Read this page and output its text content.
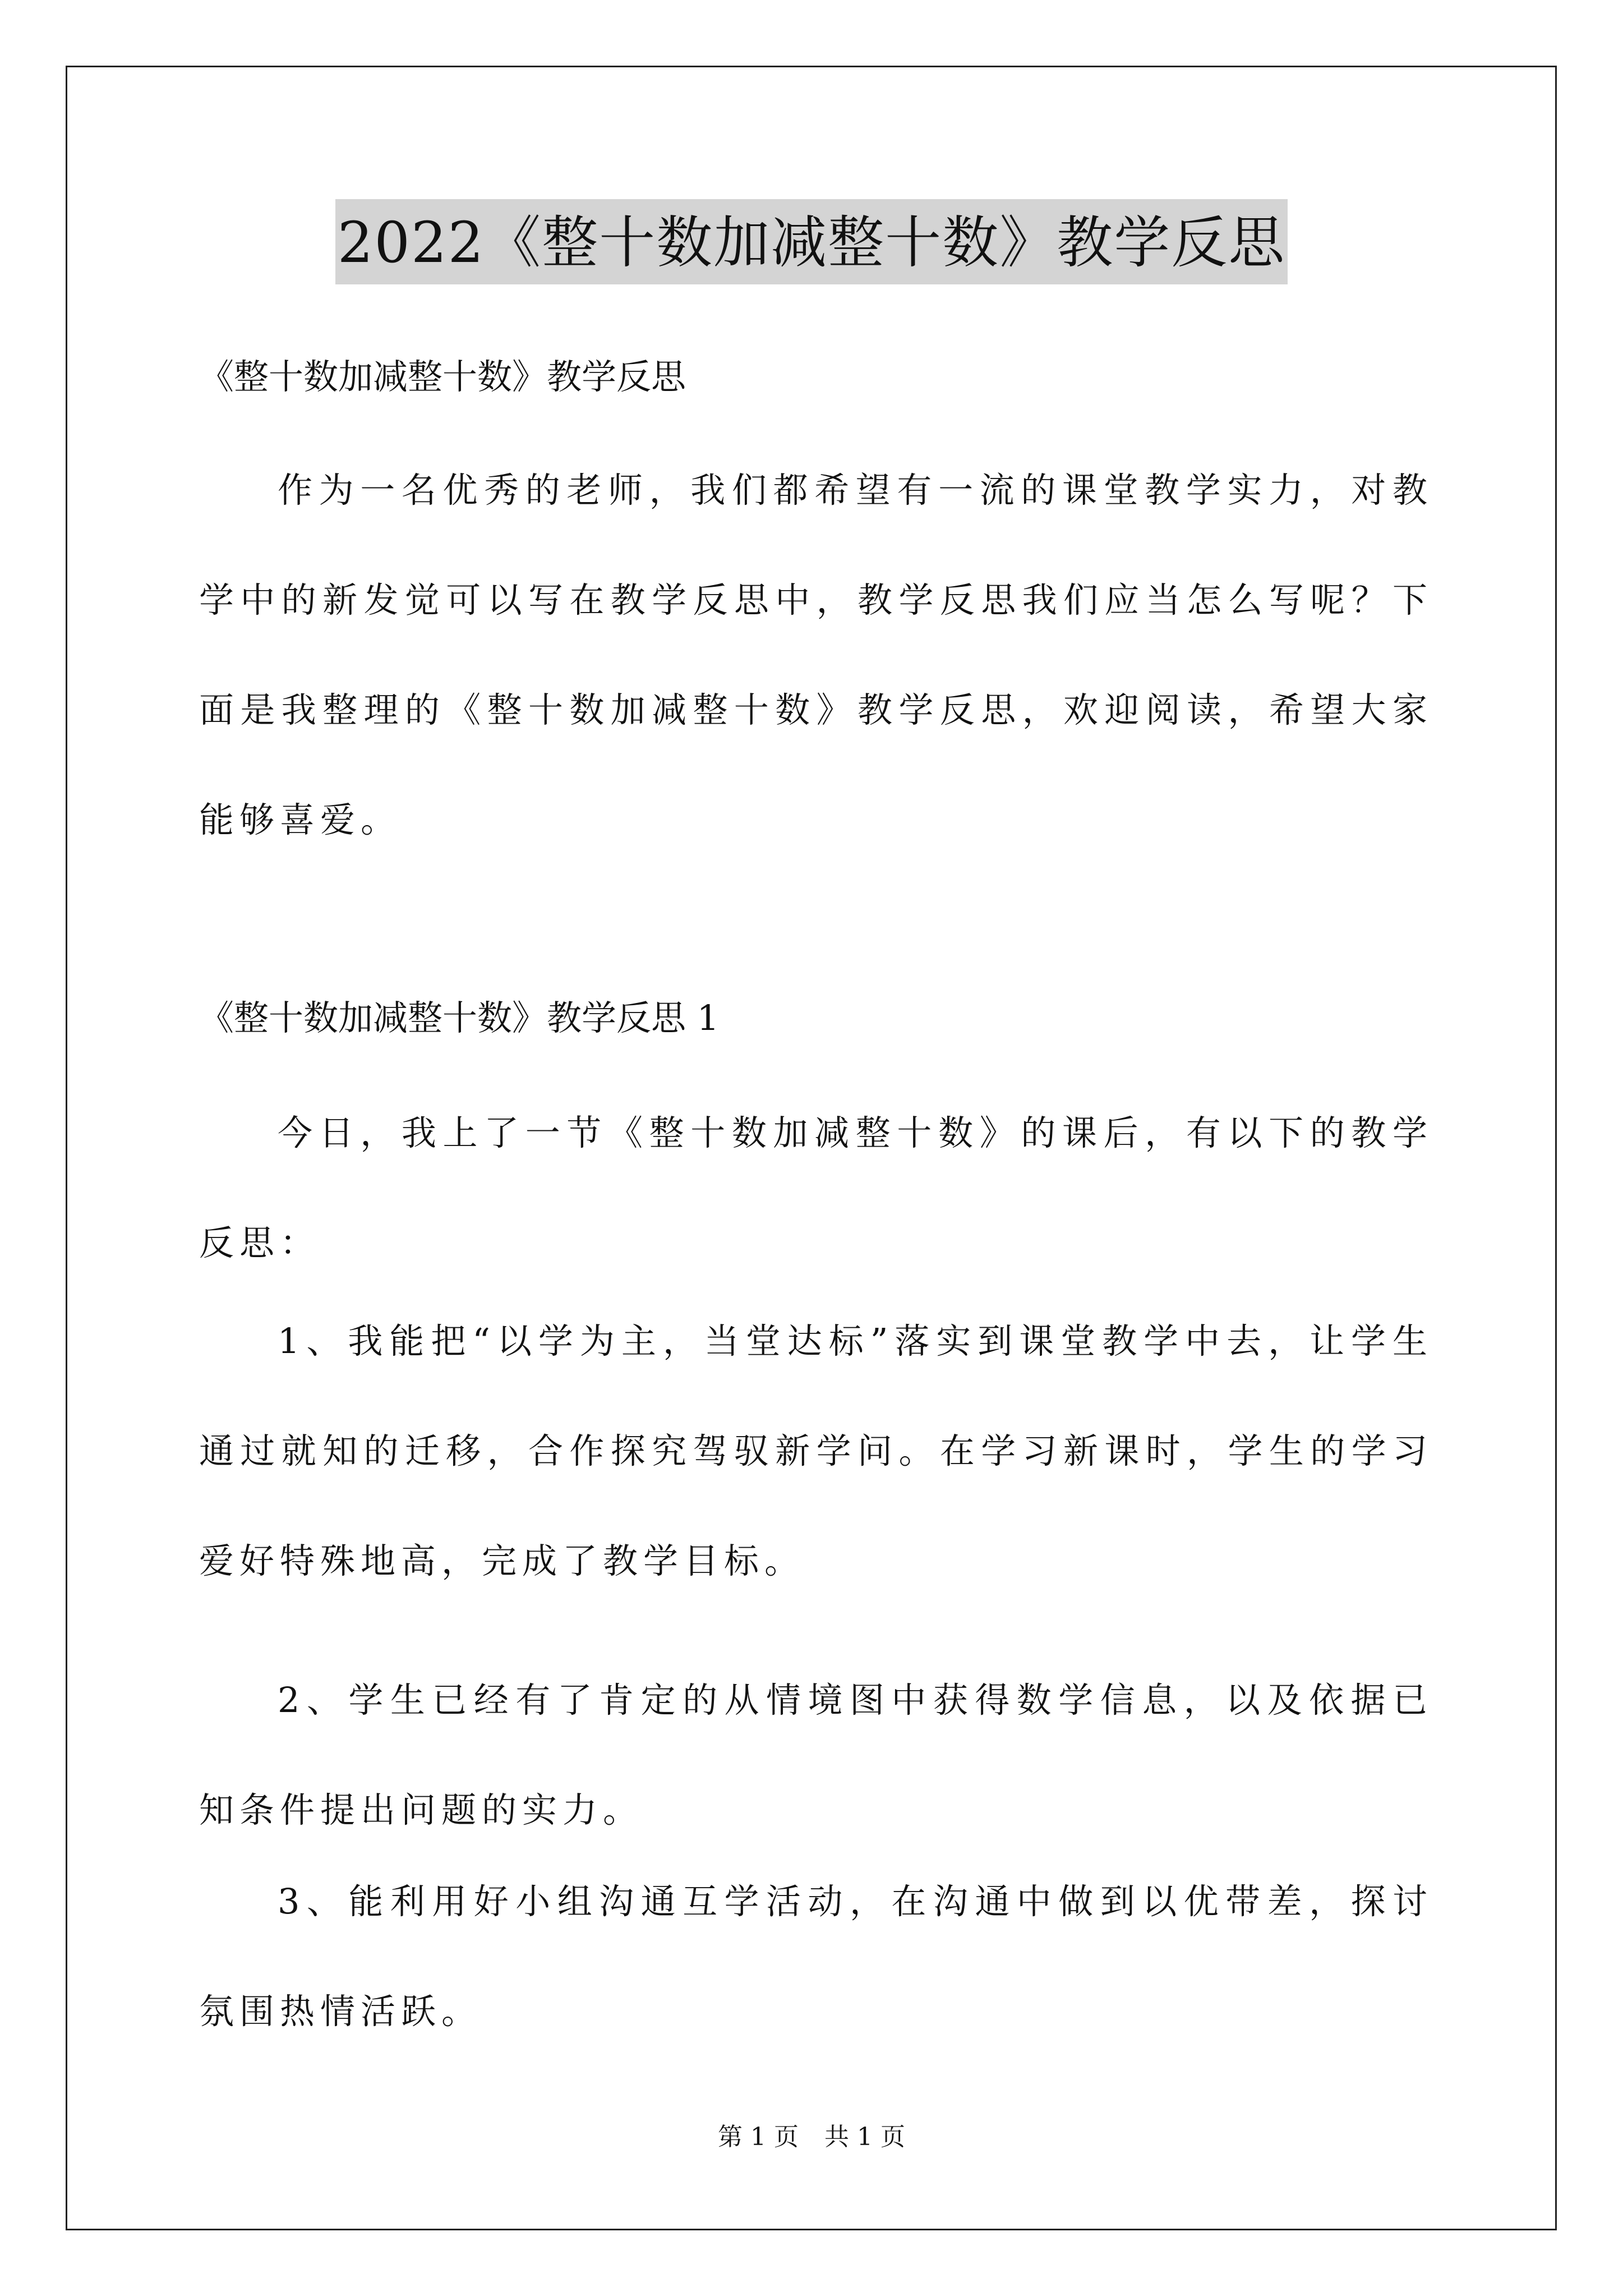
2022《整十数加减整十数》教学反思
《整十数加减整十数》教学反思
作为一名优秀的老师，我们都希望有一流的课堂教学实力，对教学中的新发觉可以写在教学反思中，教学反思我们应当怎么写呢？下面是我整理的《整十数加减整十数》教学反思，欢迎阅读，希望大家能够喜爱。
《整十数加减整十数》教学反思 1
今日，我上了一节《整十数加减整十数》的课后，有以下的教学反思：
1、我能把“以学为主，当堂达标”落实到课堂教学中去，让学生通过就知的迁移，合作探究驾驭新学问。在学习新课时，学生的学习爱好特殊地高，完成了教学目标。
2、学生已经有了肯定的从情境图中获得数学信息，以及依据已知条件提出问题的实力。
3、能利用好小组沟通互学活动，在沟通中做到以优带差，探讨氛围热情活跃。
第 1 页 共 1 页
